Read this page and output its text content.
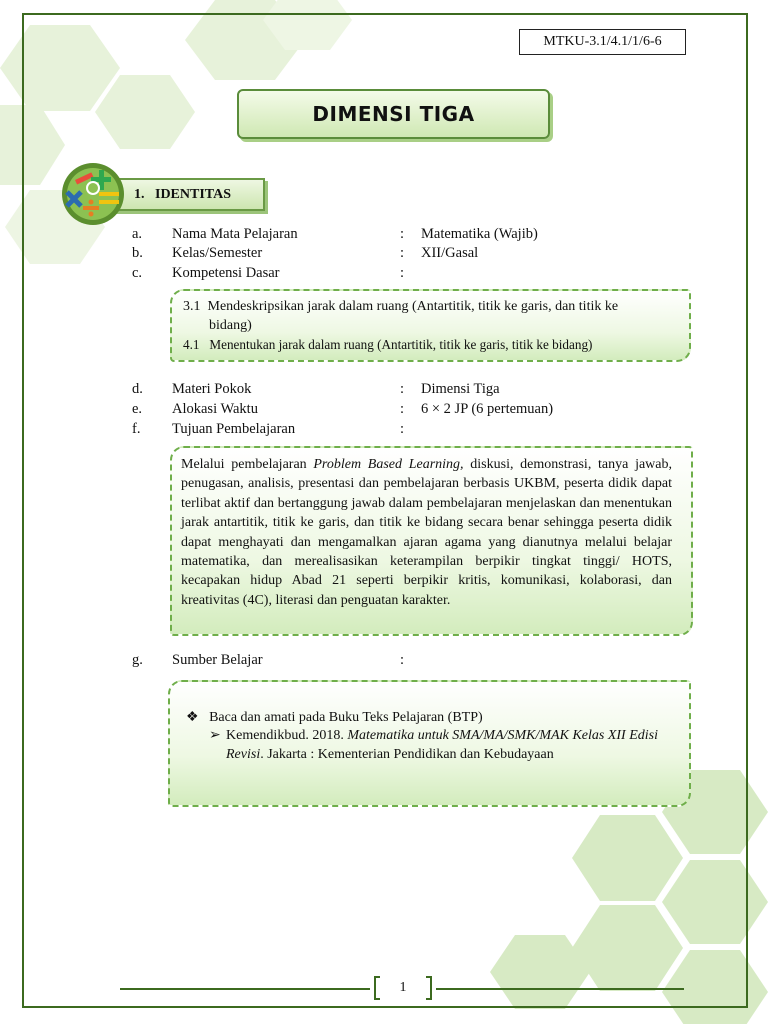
MTKU-3.1/4.1/1/6-6
DIMENSI TIGA
1. IDENTITAS
a. Nama Mata Pelajaran	: Matematika (Wajib)
b. Kelas/Semester	: XII/Gasal
c. Kompetensi Dasar	:
3.1 Mendeskripsikan jarak dalam ruang (Antartitik, titik ke garis, dan titik ke
bidang)
4.1 Menentukan jarak dalam ruang (Antartitik, titik ke garis, titik ke bidang)
d. Materi Pokok	: Dimensi Tiga
e. Alokasi Waktu	: 6 × 2 JP (6 pertemuan)
f. Tujuan Pembelajaran	:
Melalui pembelajaran Problem Based Learning, diskusi, demonstrasi, tanya jawab, penugasan, analisis, presentasi dan pembelajaran berbasis UKBM, peserta didik dapat terlibat aktif dan bertanggung jawab dalam pembelajaran menjelaskan dan menentukan jarak antartitik, titik ke garis, dan titik ke bidang secara benar sehingga peserta didik dapat menghayati dan mengamalkan ajaran agama yang dianutnya melalui belajar matematika, dan merealisasikan keterampilan berpikir tingkat tinggi/ HOTS, kecapakan hidup Abad 21 seperti berpikir kritis, komunikasi, kolaborasi, dan kreativitas (4C), literasi dan penguatan karakter.
g. Sumber Belajar	:
❖ Baca dan amati pada Buku Teks Pelajaran (BTP)
➢ Kemendikbud. 2018. Matematika untuk SMA/MA/SMK/MAK Kelas XII Edisi Revisi. Jakarta : Kementerian Pendidikan dan Kebudayaan
1
